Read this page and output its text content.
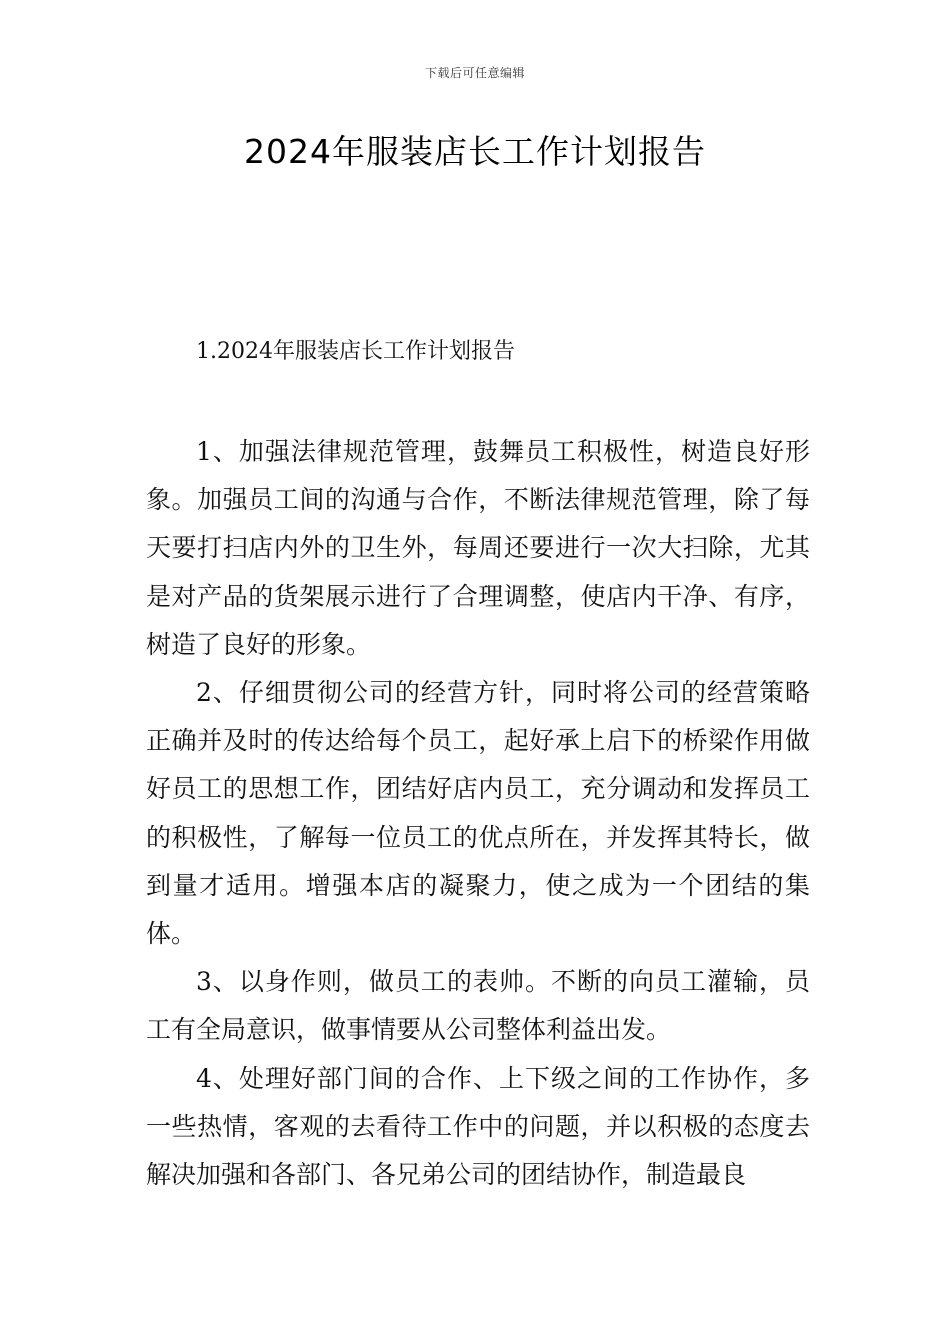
下载后可任意编辑
2024年服装店长工作计划报告
1.2024年服装店长工作计划报告

1、加强法律规范管理，鼓舞员工积极性，树造良好形象。加强员工间的沟通与合作，不断法律规范管理，除了每天要打扫店内外的卫生外，每周还要进行一次大扫除，尤其是对产品的货架展示进行了合理调整，使店内干净、有序，树造了良好的形象。

2、仔细贯彻公司的经营方针，同时将公司的经营策略正确并及时的传达给每个员工，起好承上启下的桥梁作用做好员工的思想工作，团结好店内员工，充分调动和发挥员工的积极性，了解每一位员工的优点所在，并发挥其特长，做到量才适用。增强本店的凝聚力，使之成为一个团结的集体。

3、以身作则，做员工的表帅。不断的向员工灌输，员工有全局意识，做事情要从公司整体利益出发。

4、处理好部门间的合作、上下级之间的工作协作，多一些热情，客观的去看待工作中的问题，并以积极的态度去解决加强和各部门、各兄弟公司的团结协作，制造最良
